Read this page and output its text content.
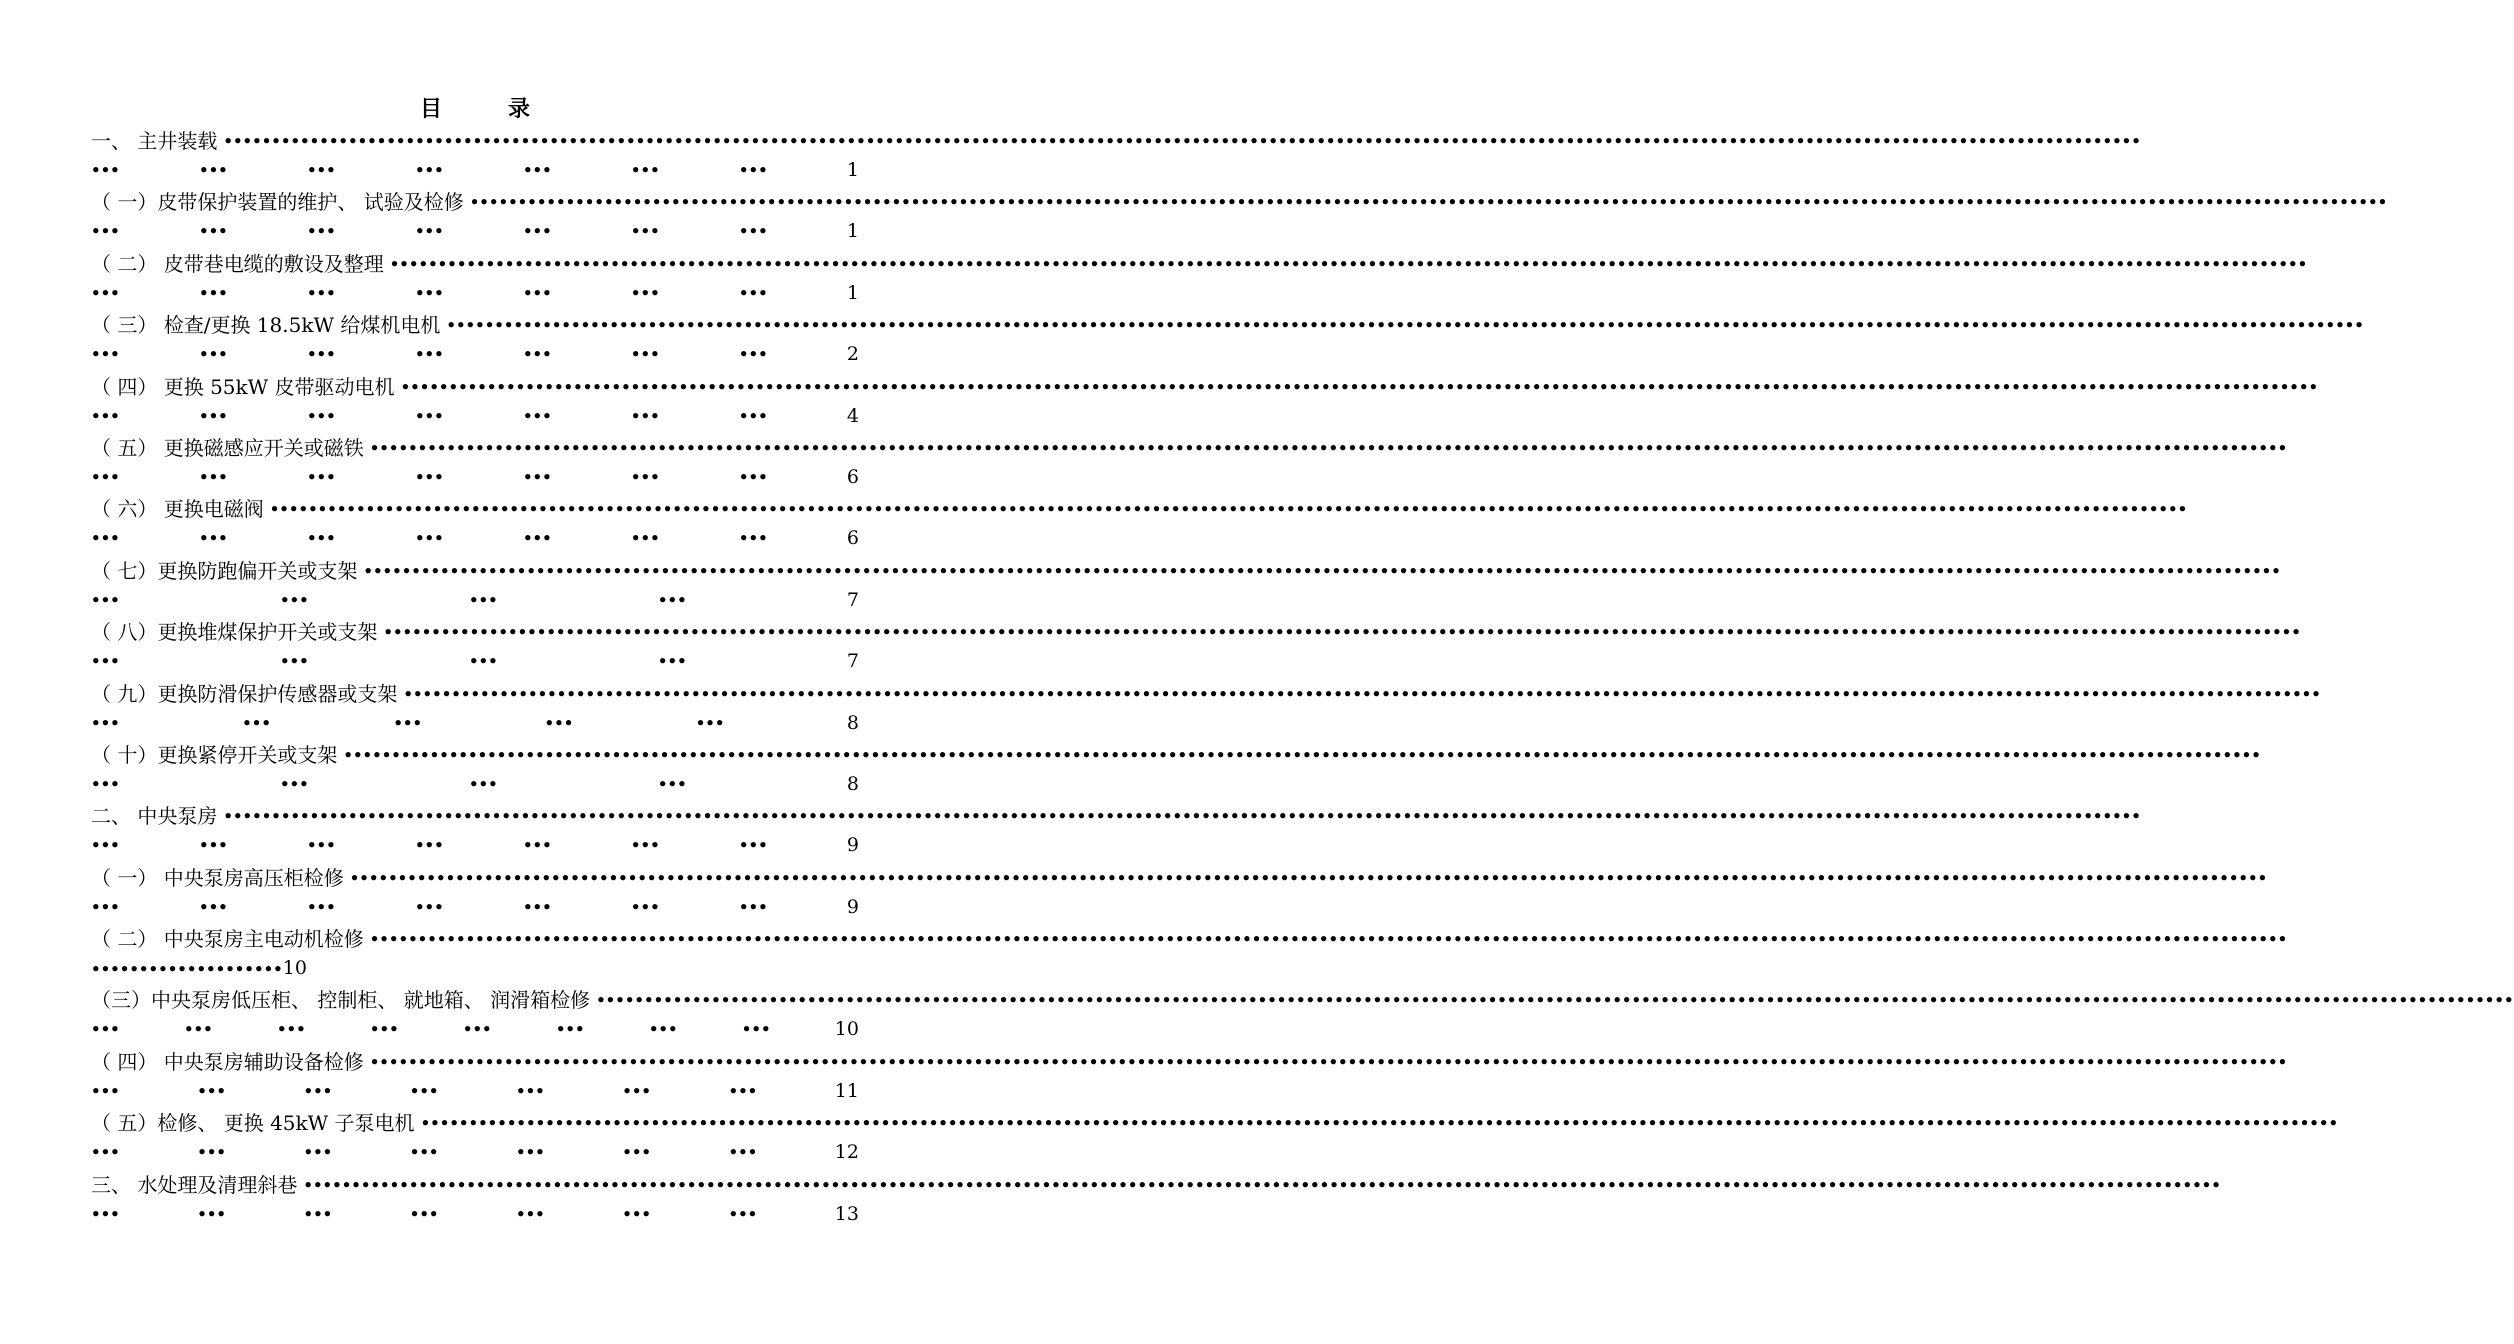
目	录
一、 主井装载 ••••••••••••••••••••••••••••••••••••••••••••••••••••••••••••••••••••••••••••••••••••••••••••••••••••••••••••••••••••••••••••••••••••••••••••••••••••••••••••••••••••••••••••••••••••••••••••••••••••••••
•••	•••	•••	•••	•••	•••	•••	1
（ 一）皮带保护装置的维护、 试验及检修 ••••••••••••••••••••••••••••••••••••••••••••••••••••••••••••••••••••••••••••••••••••••••••••••••••••••••••••••••••••••••••••••••••••••••••••••••••••••••••••••••••••••••••••••••••••••••••••••••••••••••
•••	•••	•••	•••	•••	•••	•••	1
（ 二） 皮带巷电缆的敷设及整理 ••••••••••••••••••••••••••••••••••••••••••••••••••••••••••••••••••••••••••••••••••••••••••••••••••••••••••••••••••••••••••••••••••••••••••••••••••••••••••••••••••••••••••••••••••••••••••••••••••••••••
•••	•••	•••	•••	•••	•••	•••	1
（ 三） 检查/更换 18.5kW 给煤机电机 ••••••••••••••••••••••••••••••••••••••••••••••••••••••••••••••••••••••••••••••••••••••••••••••••••••••••••••••••••••••••••••••••••••••••••••••••••••••••••••••••••••••••••••••••••••••••••••••••••••••••
•••	•••	•••	•••	•••	•••	•••	2
（ 四） 更换 55kW 皮带驱动电机 ••••••••••••••••••••••••••••••••••••••••••••••••••••••••••••••••••••••••••••••••••••••••••••••••••••••••••••••••••••••••••••••••••••••••••••••••••••••••••••••••••••••••••••••••••••••••••••••••••••••••
•••	•••	•••	•••	•••	•••	•••	4
（ 五） 更换磁感应开关或磁铁 ••••••••••••••••••••••••••••••••••••••••••••••••••••••••••••••••••••••••••••••••••••••••••••••••••••••••••••••••••••••••••••••••••••••••••••••••••••••••••••••••••••••••••••••••••••••••••••••••••••••••
•••	•••	•••	•••	•••	•••	•••	6
（ 六） 更换电磁阀 ••••••••••••••••••••••••••••••••••••••••••••••••••••••••••••••••••••••••••••••••••••••••••••••••••••••••••••••••••••••••••••••••••••••••••••••••••••••••••••••••••••••••••••••••••••••••••••••••••••••••
•••	•••	•••	•••	•••	•••	•••	6
（ 七）更换防跑偏开关或支架 ••••••••••••••••••••••••••••••••••••••••••••••••••••••••••••••••••••••••••••••••••••••••••••••••••••••••••••••••••••••••••••••••••••••••••••••••••••••••••••••••••••••••••••••••••••••••••••••••••••••••
•••	•••	•••	•••	7
（ 八）更换堆煤保护开关或支架 ••••••••••••••••••••••••••••••••••••••••••••••••••••••••••••••••••••••••••••••••••••••••••••••••••••••••••••••••••••••••••••••••••••••••••••••••••••••••••••••••••••••••••••••••••••••••••••••••••••••••
•••	•••	•••	•••	7
（ 九）更换防滑保护传感器或支架 ••••••••••••••••••••••••••••••••••••••••••••••••••••••••••••••••••••••••••••••••••••••••••••••••••••••••••••••••••••••••••••••••••••••••••••••••••••••••••••••••••••••••••••••••••••••••••••••••••••••••
•••	•••	•••	•••	•••	8
（ 十）更换紧停开关或支架 ••••••••••••••••••••••••••••••••••••••••••••••••••••••••••••••••••••••••••••••••••••••••••••••••••••••••••••••••••••••••••••••••••••••••••••••••••••••••••••••••••••••••••••••••••••••••••••••••••••••••
•••	•••	•••	•••	8
二、 中央泵房 ••••••••••••••••••••••••••••••••••••••••••••••••••••••••••••••••••••••••••••••••••••••••••••••••••••••••••••••••••••••••••••••••••••••••••••••••••••••••••••••••••••••••••••••••••••••••••••••••••••••••
•••	•••	•••	•••	•••	•••	•••	9
（ 一） 中央泵房高压柜检修 ••••••••••••••••••••••••••••••••••••••••••••••••••••••••••••••••••••••••••••••••••••••••••••••••••••••••••••••••••••••••••••••••••••••••••••••••••••••••••••••••••••••••••••••••••••••••••••••••••••••••
•••	•••	•••	•••	•••	•••	•••	9
（ 二） 中央泵房主电动机检修 ••••••••••••••••••••••••••••••••••••••••••••••••••••••••••••••••••••••••••••••••••••••••••••••••••••••••••••••••••••••••••••••••••••••••••••••••••••••••••••••••••••••••••••••••••••••••••••••••••••••••
••••••••••••••••••••10
（三）中央泵房低压柜、 控制柜、 就地箱、 润滑箱检修 ••••••••••••••••••••••••••••••••••••••••••••••••••••••••••••••••••••••••••••••••••••••••••••••••••••••••••••••••••••••••••••••••••••••••••••••••••••••••••••••••••••••••••••••••••••••••••••••••••••••••
•••	•••	•••	•••	•••	•••	•••	•••	10
（ 四） 中央泵房辅助设备检修 ••••••••••••••••••••••••••••••••••••••••••••••••••••••••••••••••••••••••••••••••••••••••••••••••••••••••••••••••••••••••••••••••••••••••••••••••••••••••••••••••••••••••••••••••••••••••••••••••••••••••
•••	•••	•••	•••	•••	•••	•••	11
（ 五）检修、 更换 45kW 子泵电机 ••••••••••••••••••••••••••••••••••••••••••••••••••••••••••••••••••••••••••••••••••••••••••••••••••••••••••••••••••••••••••••••••••••••••••••••••••••••••••••••••••••••••••••••••••••••••••••••••••••••••
•••	•••	•••	•••	•••	•••	•••	12
三、 水处理及清理斜巷 ••••••••••••••••••••••••••••••••••••••••••••••••••••••••••••••••••••••••••••••••••••••••••••••••••••••••••••••••••••••••••••••••••••••••••••••••••••••••••••••••••••••••••••••••••••••••••••••••••••••••
•••	•••	•••	•••	•••	•••	•••	13
